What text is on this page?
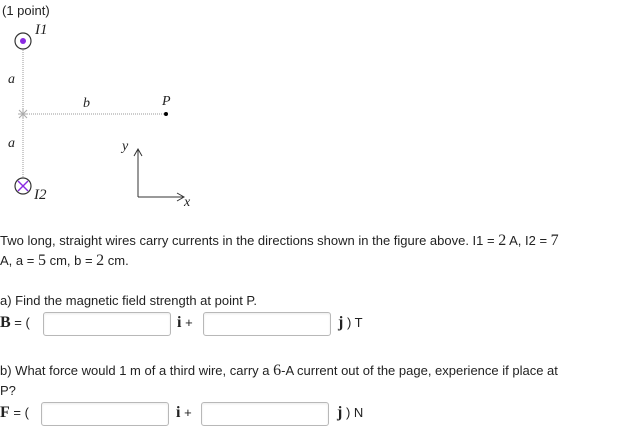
(1 point)
I1
I2
a
a
b	P
y
x
Two long, straight wires carry currents in the directions shown in the figure above. I1 = 2 A, I2 = 7
A, a = 5 cm, b = 2 cm.
a) Find the magnetic field strength at point P.
B = (	i +	j ) T
b) What force would 1 m of a third wire, carry a 6-A current out of the page, experience if place at
P?
F = (	i +	j ) N
